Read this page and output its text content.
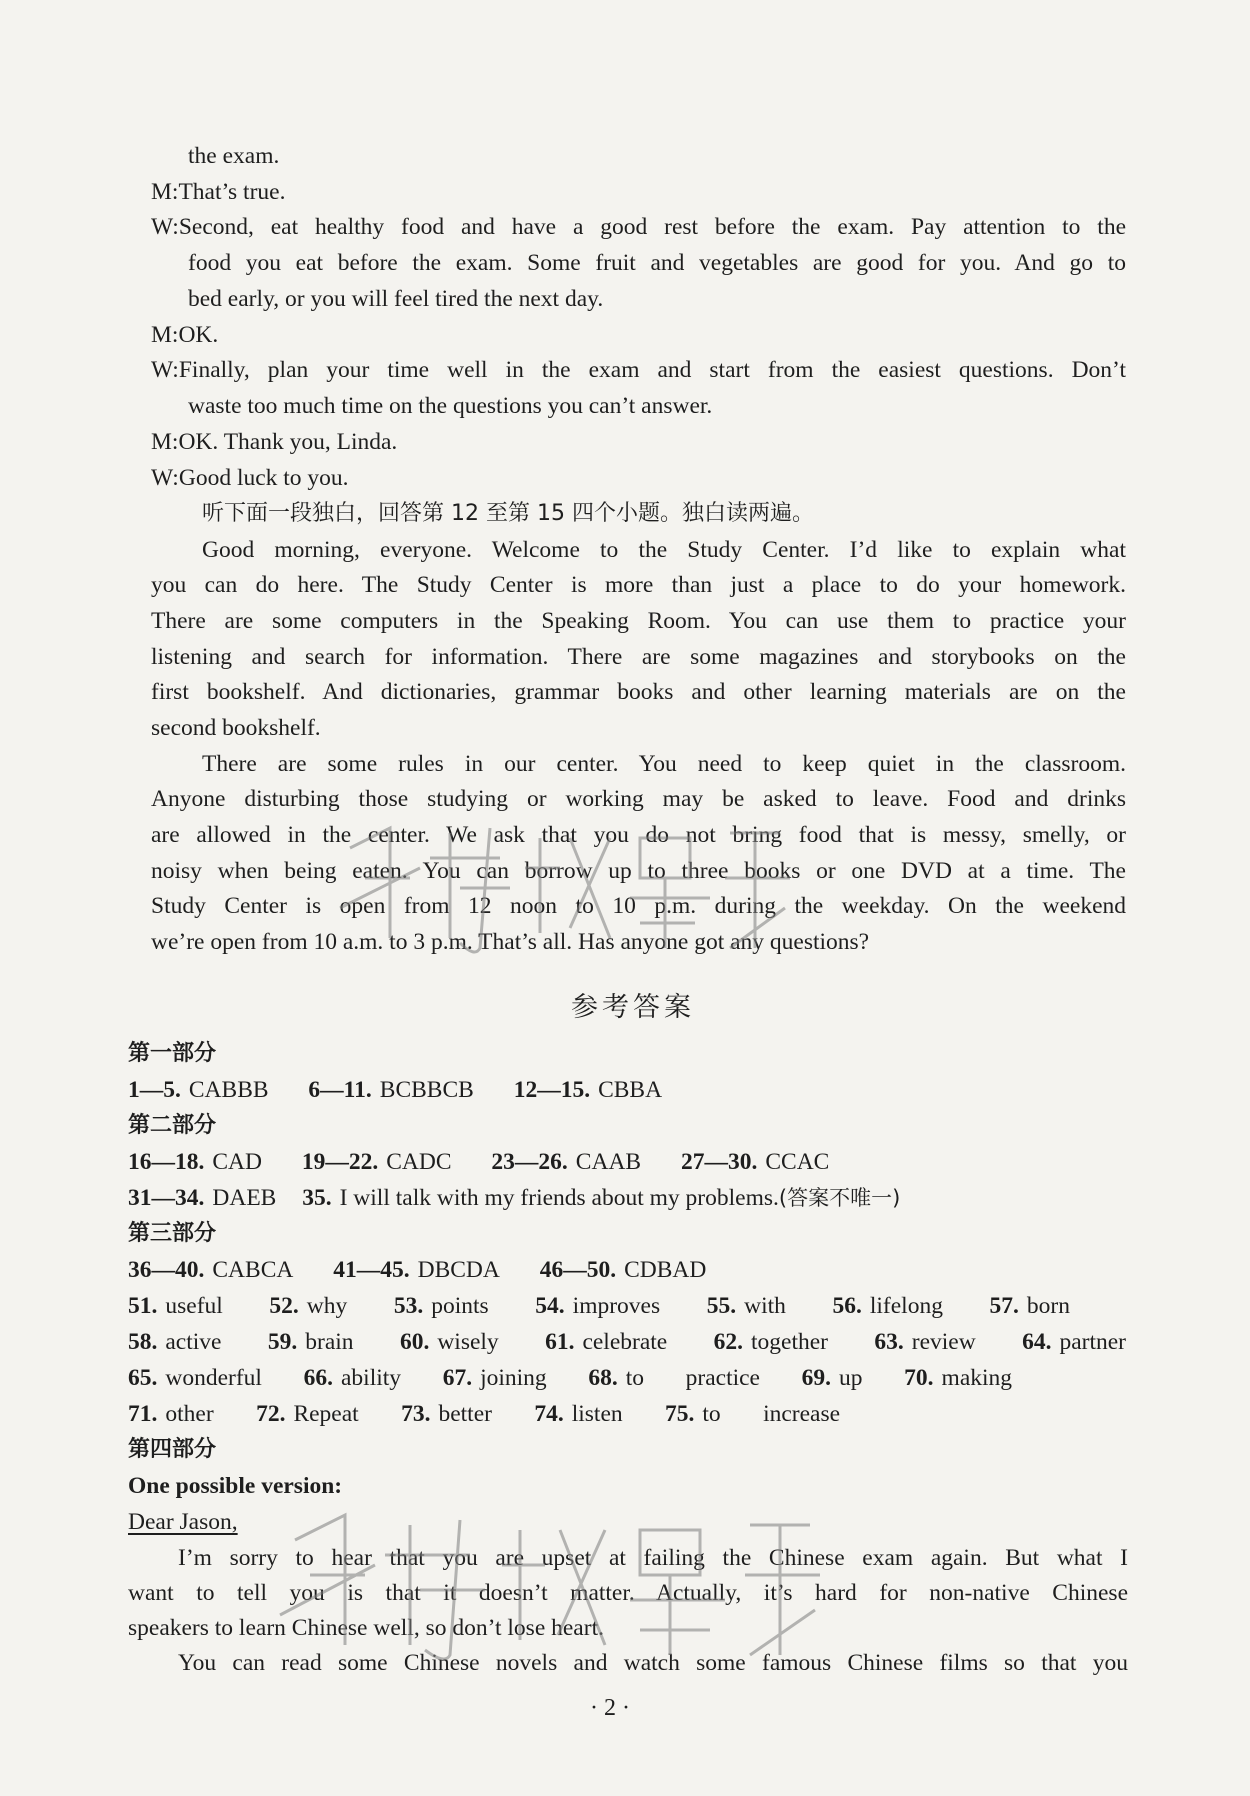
the exam.
M:That’s true.
W:Second, eat healthy food and have a good rest before the exam. Pay attention to the
food you eat before the exam. Some fruit and vegetables are good for you. And go to
bed early, or you will feel tired the next day.
M:OK.
W:Finally, plan your time well in the exam and start from the easiest questions. Don’t
waste too much time on the questions you can’t answer.
M:OK. Thank you, Linda.
W:Good luck to you.
听下面一段独白，回答第 12 至第 15 四个小题。独白读两遍。
Good morning, everyone. Welcome to the Study Center. I’d like to explain what
you can do here. The Study Center is more than just a place to do your homework.
There are some computers in the Speaking Room. You can use them to practice your
listening and search for information. There are some magazines and storybooks on the
first bookshelf. And dictionaries, grammar books and other learning materials are on the
second bookshelf.
There are some rules in our center. You need to keep quiet in the classroom.
Anyone disturbing those studying or working may be asked to leave. Food and drinks
are allowed in the center. We ask that you do not bring food that is messy, smelly, or
noisy when being eaten. You can borrow up to three books or one DVD at a time. The
Study Center is open from 12 noon to 10 p.m. during the weekday. On the weekend
we’re open from 10 a.m. to 3 p.m. That’s all. Has anyone got any questions?
参考答案
第一部分
1—5. CABBB 6—11. BCBBCB 12—15. CBBA
第二部分
16—18. CAD 19—22. CADC 23—26. CAAB 27—30. CCAC
31—34. DAEB 35. I will talk with my friends about my problems.(答案不唯一)
第三部分
36—40. CABCA 41—45. DBCDA 46—50. CDBAD
51. useful 52. why 53. points 54. improves 55. with 56. lifelong 57. born
58. active 59. brain 60. wisely 61. celebrate 62. together 63. review 64. partner
65. wonderful 66. ability 67. joining 68. to practice 69. up 70. making
71. other 72. Repeat 73. better 74. listen 75. to increase
第四部分
One possible version:
Dear Jason,
I’m sorry to hear that you are upset at failing the Chinese exam again. But what I
want to tell you is that it doesn’t matter. Actually, it’s hard for non-native Chinese
speakers to learn Chinese well, so don’t lose heart.
You can read some Chinese novels and watch some famous Chinese films so that you
· 2 ·
